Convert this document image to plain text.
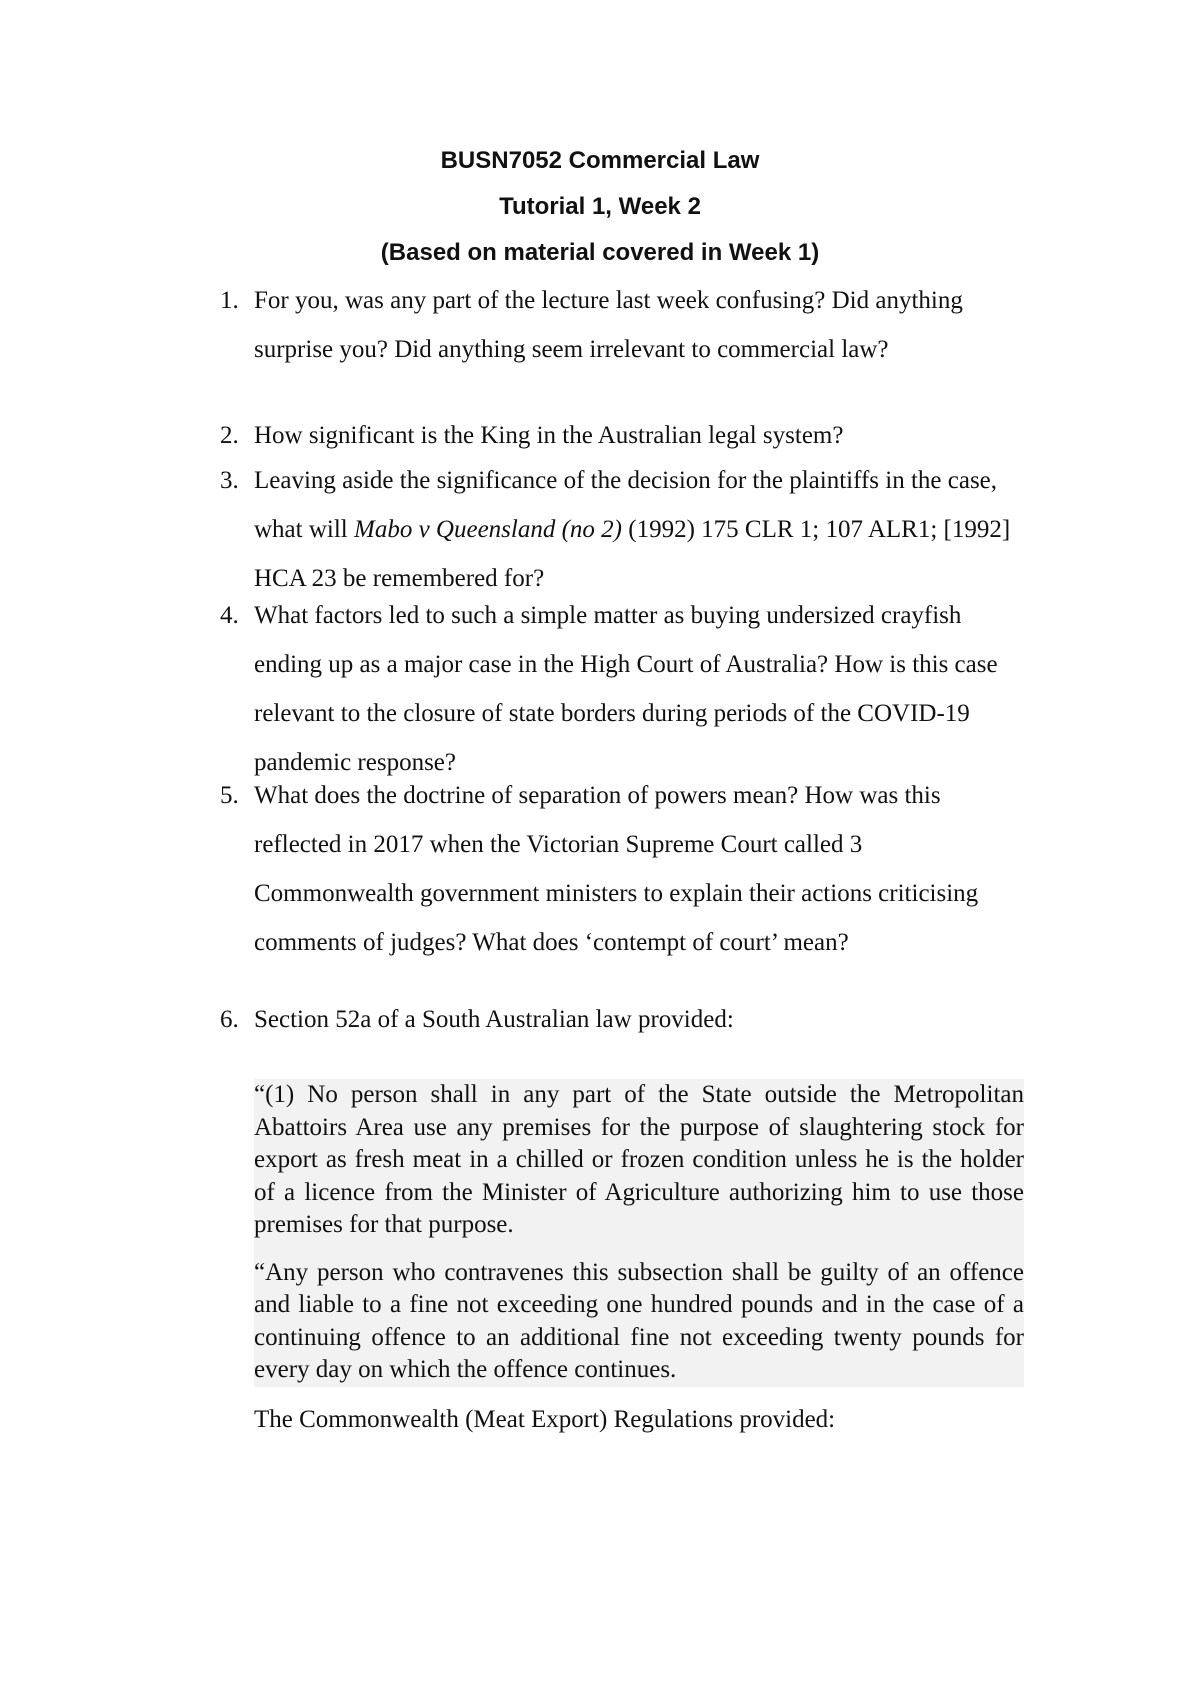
BUSN7052 Commercial Law
Tutorial 1, Week 2
(Based on material covered in Week 1)
1. For you, was any part of the lecture last week confusing? Did anything surprise you? Did anything seem irrelevant to commercial law?
2. How significant is the King in the Australian legal system?
3. Leaving aside the significance of the decision for the plaintiffs in the case, what will Mabo v Queensland (no 2) (1992) 175 CLR 1; 107 ALR1; [1992] HCA 23 be remembered for?
4. What factors led to such a simple matter as buying undersized crayfish ending up as a major case in the High Court of Australia? How is this case relevant to the closure of state borders during periods of the COVID-19 pandemic response?
5. What does the doctrine of separation of powers mean? How was this reflected in 2017 when the Victorian Supreme Court called 3 Commonwealth government ministers to explain their actions criticising comments of judges? What does ‘contempt of court’ mean?
6. Section 52a of a South Australian law provided:

“(1) No person shall in any part of the State outside the Metropolitan Abattoirs Area use any premises for the purpose of slaughtering stock for export as fresh meat in a chilled or frozen condition unless he is the holder of a licence from the Minister of Agriculture authorizing him to use those premises for that purpose.

“Any person who contravenes this subsection shall be guilty of an offence and liable to a fine not exceeding one hundred pounds and in the case of a continuing offence to an additional fine not exceeding twenty pounds for every day on which the offence continues.

The Commonwealth (Meat Export) Regulations provided:
